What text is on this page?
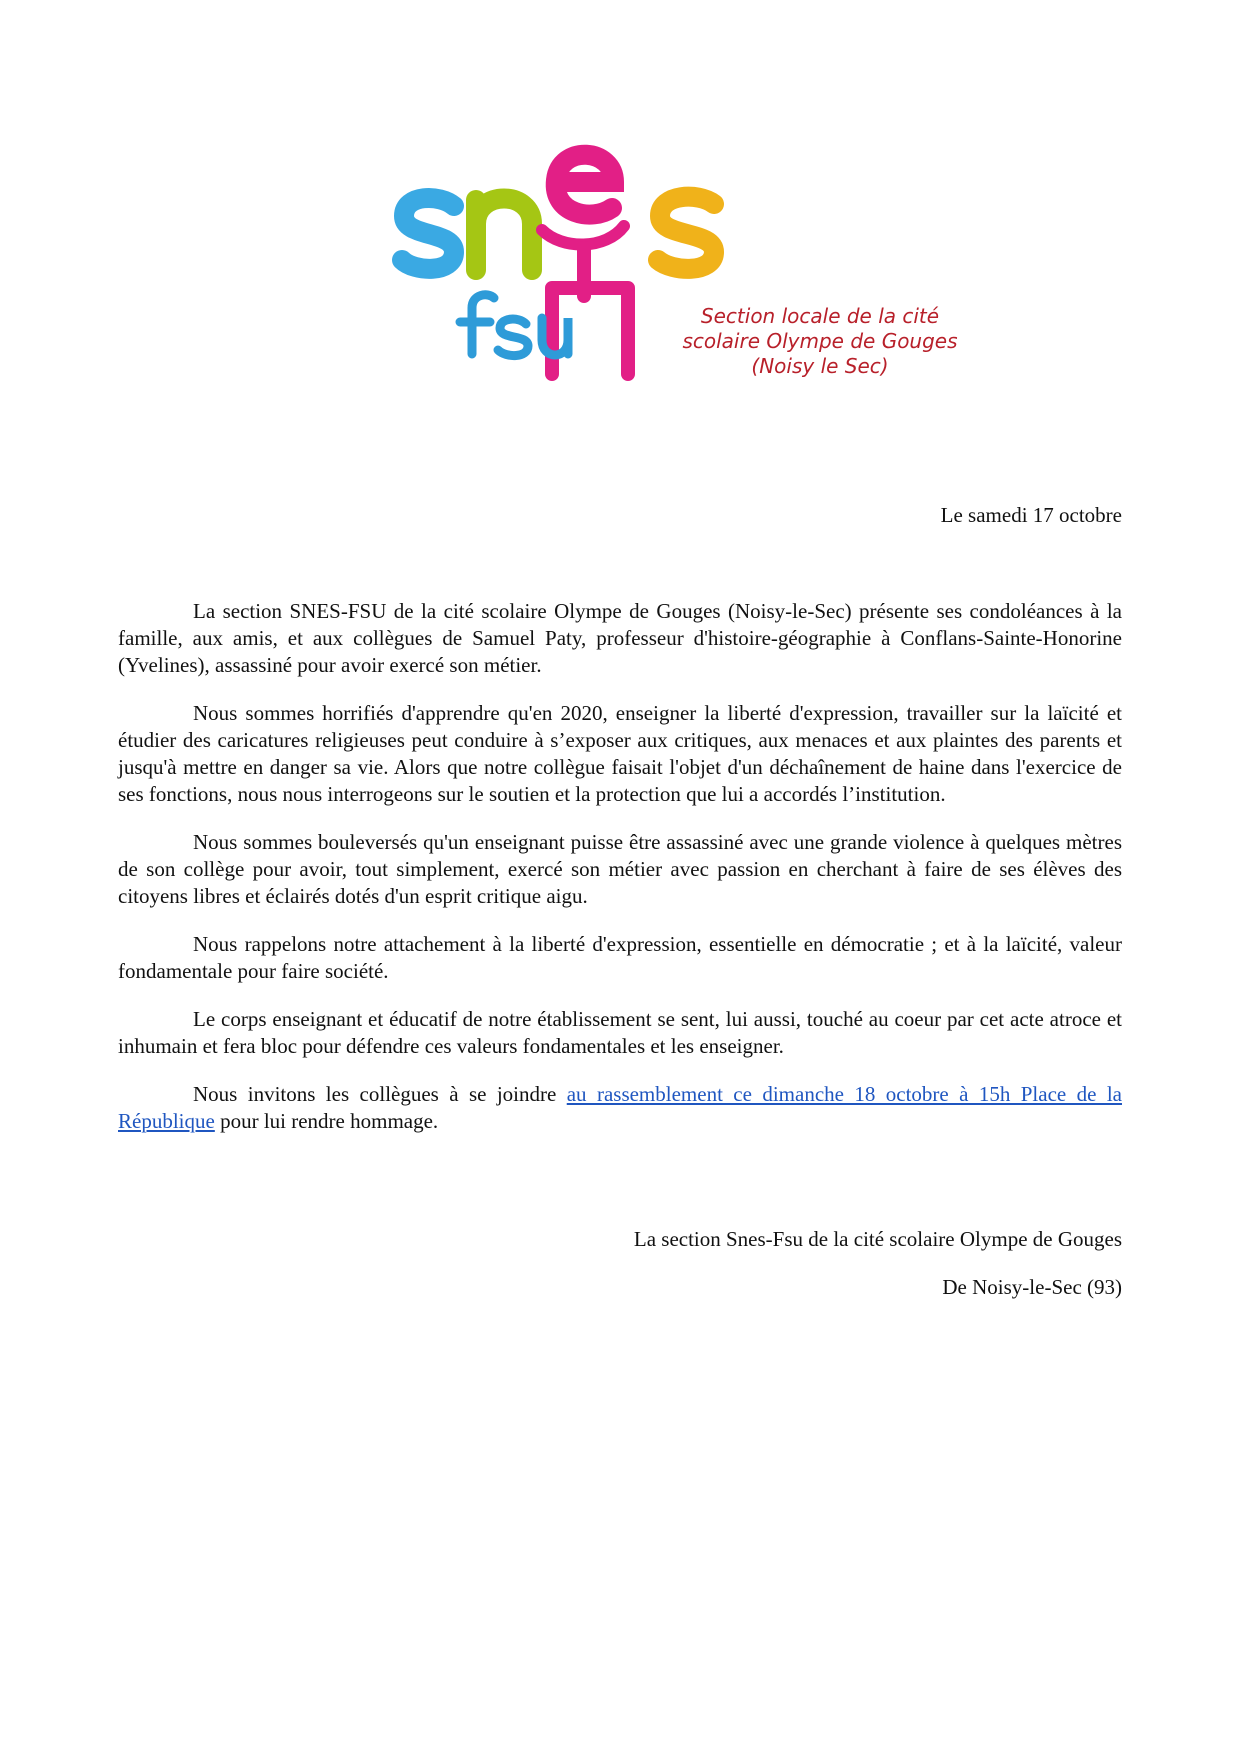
Section locale de la cité
scolaire Olympe de Gouges
(Noisy le Sec)
Le samedi 17 octobre

La section SNES-FSU de la cité scolaire Olympe de Gouges (Noisy-le-Sec) présente ses condoléances à la famille, aux amis, et aux collègues de Samuel Paty, professeur d'histoire-géographie à Conflans-Sainte-Honorine (Yvelines), assassiné pour avoir exercé son métier.

Nous sommes horrifiés d'apprendre qu'en 2020, enseigner la liberté d'expression, travailler sur la laïcité et étudier des caricatures religieuses peut conduire à s’exposer aux critiques, aux menaces et aux plaintes des parents et jusqu'à mettre en danger sa vie. Alors que notre collègue faisait l'objet d'un déchaînement de haine dans l'exercice de ses fonctions, nous nous interrogeons sur le soutien et la protection que lui a accordés l’institution.

Nous sommes bouleversés qu'un enseignant puisse être assassiné avec une grande violence à quelques mètres de son collège pour avoir, tout simplement, exercé son métier avec passion en cherchant à faire de ses élèves des citoyens libres et éclairés dotés d'un esprit critique aigu.

Nous rappelons notre attachement à la liberté d'expression, essentielle en démocratie ; et à la laïcité, valeur fondamentale pour faire société.

Le corps enseignant et éducatif de notre établissement se sent, lui aussi, touché au coeur par cet acte atroce et inhumain et fera bloc pour défendre ces valeurs fondamentales et les enseigner.

Nous invitons les collègues à se joindre au rassemblement ce dimanche 18 octobre à 15h Place de la République pour lui rendre hommage.

La section Snes-Fsu de la cité scolaire Olympe de Gouges
De Noisy-le-Sec (93)
